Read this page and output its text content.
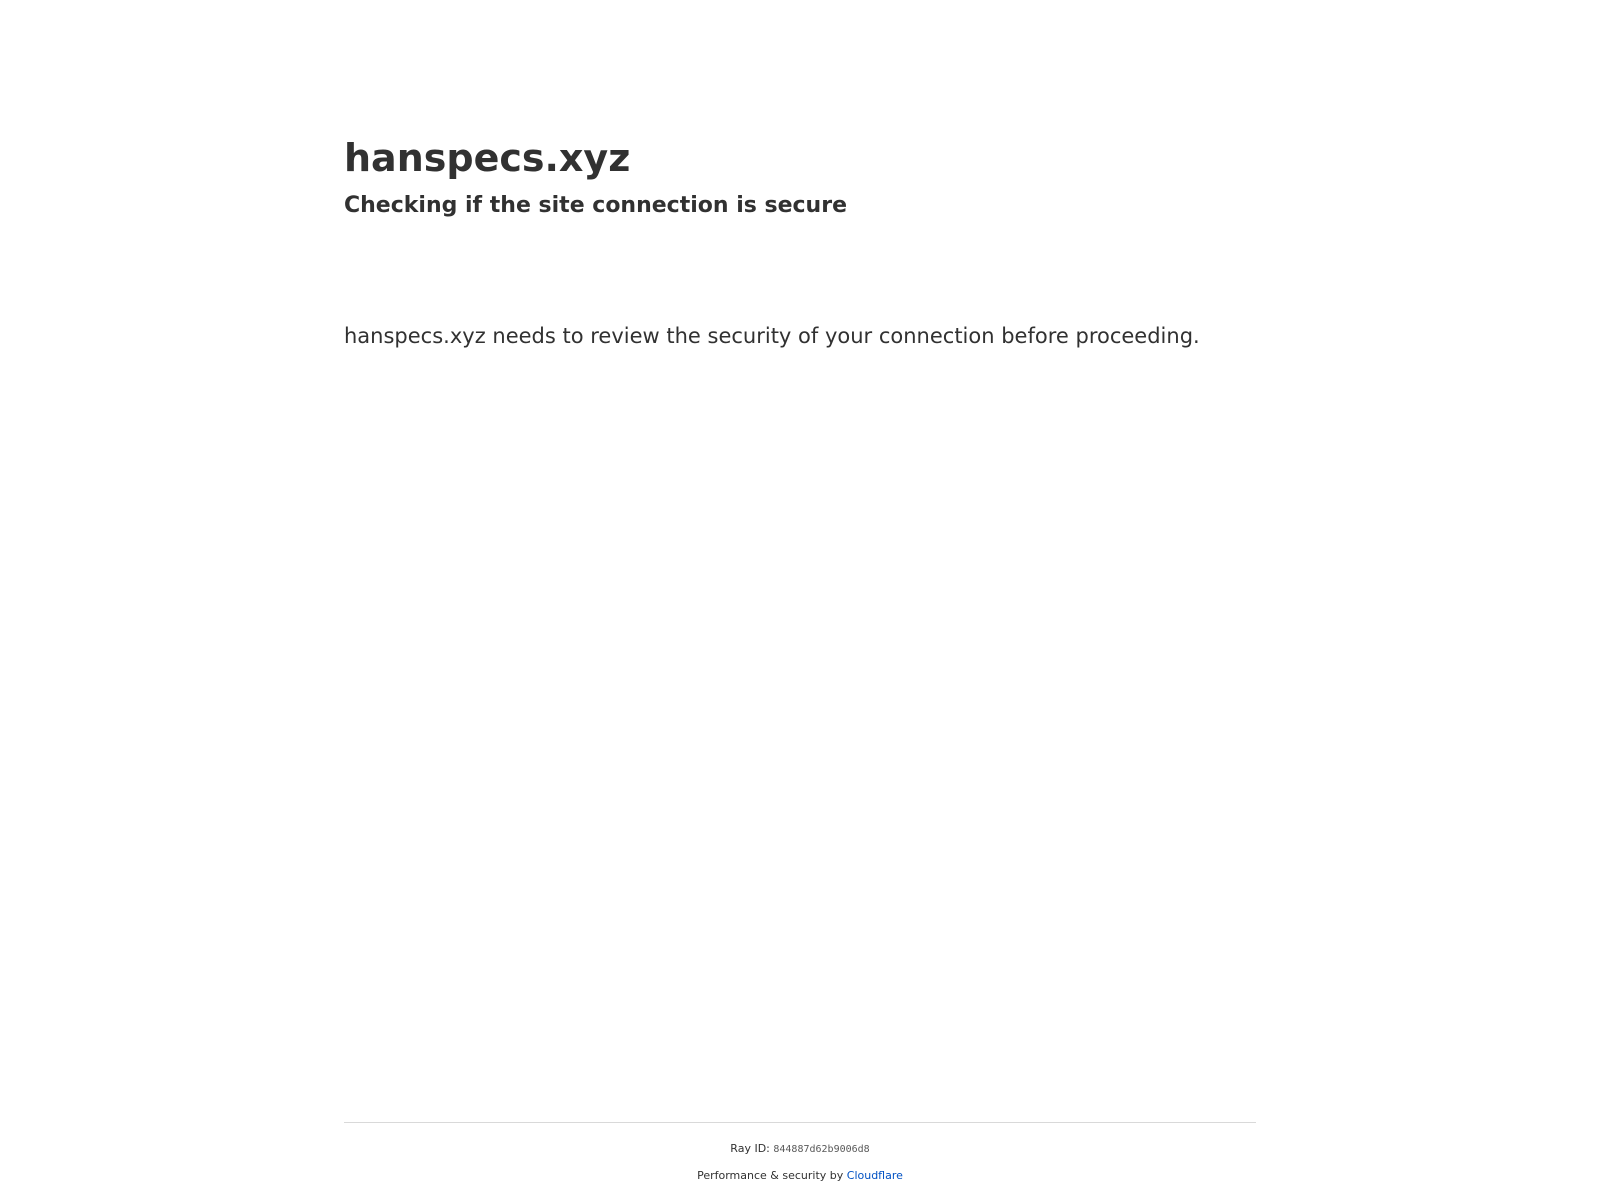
hanspecs.xyz
Checking if the site connection is secure

hanspecs.xyz needs to review the security of your connection before proceeding.

Ray ID: 844887d62b9006d8
Performance & security by Cloudflare
